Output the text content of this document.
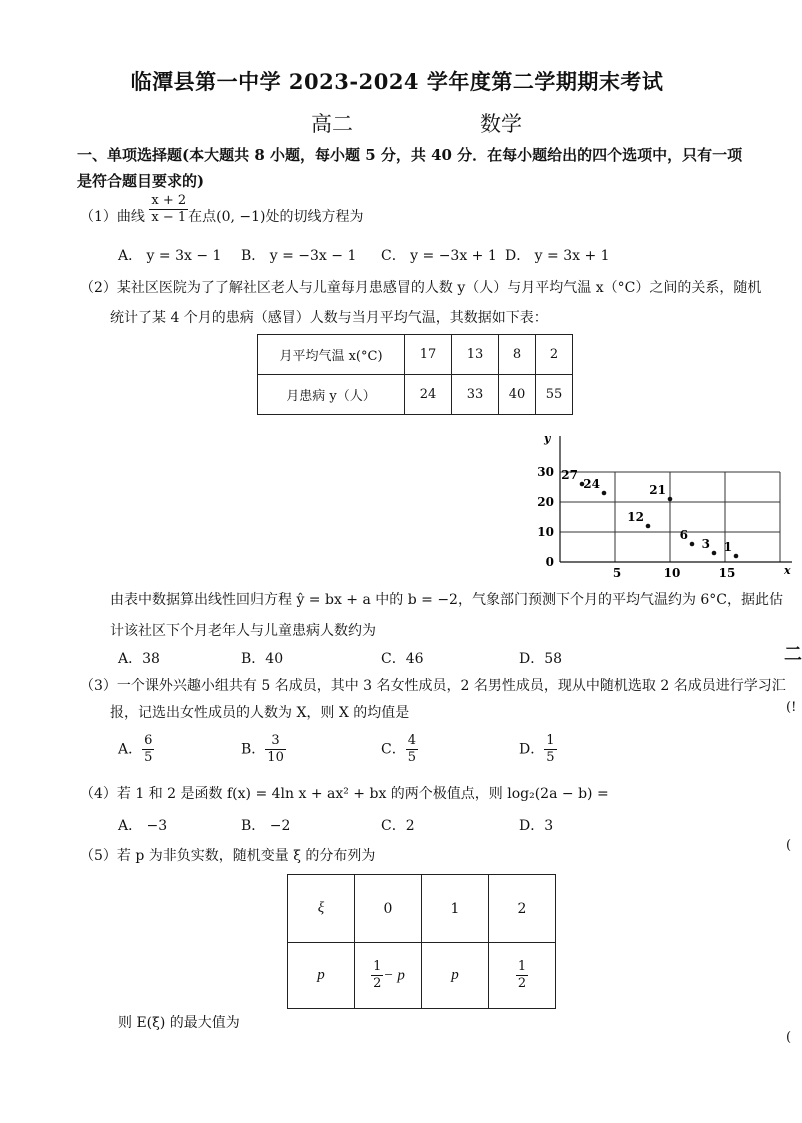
临潭县第一中学 2023-2024 学年度第二学期期末考试
高二	数学
一、单项选择题(本大题共 8 小题，每小题 5 分，共 40 分．在每小题给出的四个选项中，只有一项
是符合题目要求的)
（1）曲线 $\frac{x + 2}{x - 1}$ 在点(0, −1)处的切线方程为
A． y = 3x − 1 B． y = −3x − 1 C． y = −3x + 1 D． y = 3x + 1
（2）某社区医院为了了解社区老人与儿童每月患感冒的人数 y（人）与月平均气温 x（°C）之间的关系，随机
统计了某 4 个月的患病（感冒）人数与当月平均气温，其数据如下表：
月平均气温 x(°C)	17	13	8	2
月患病 y（人）	24	33	40	55
x
y
0
10
20
30
5	10	15
27
24	21
12
6
3 1
由表中数据算出线性回归方程 ŷ = bx + a 中的 b = −2，气象部门预测下个月的平均气温约为 6°C，据此估
计该社区下个月老年人与儿童患病人数约为
A．38	B．40	C．46	D．58
（3）一个课外兴趣小组共有 5 名成员，其中 3 名女性成员，2 名男性成员，现从中随机选取 2 名成员进行学习汇
报，记选出女性成员的人数为 X，则 X 的均值是
A． $\frac{6}{5}$	B． $\frac{3}{10}$	C． $\frac{4}{5}$	D． $\frac{1}{5}$
（4）若 1 和 2 是函数 f(x) = 4ln x + ax² + bx 的两个极值点，则 log₂(2a − b) =
A． −3	B． −2	C．2	D．3
（5）若 p 为非负实数，随机变量 ξ 的分布列为
ξ	0	1	2
p	$\frac{1}{2} - p$	p	$\frac{1}{2}$
则 E(ξ) 的最大值为
二
(!
(
(
